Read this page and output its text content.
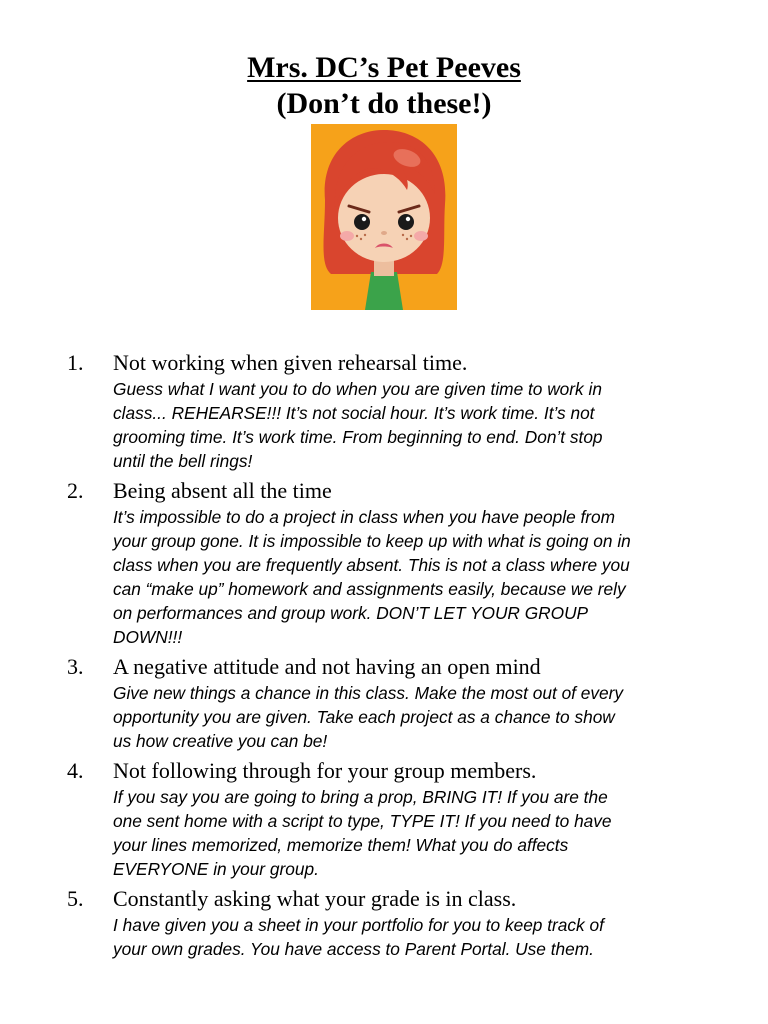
Mrs. DC’s Pet Peeves
(Don’t do these!)
1. Not working when given rehearsal time.

Guess what I want you to do when you are given time to work in
class... REHEARSE!!! It’s not social hour. It’s work time. It’s not
grooming time. It’s work time. From beginning to end. Don’t stop
until the bell rings!

2. Being absent all the time

It’s impossible to do a project in class when you have people from
your group gone. It is impossible to keep up with what is going on in
class when you are frequently absent. This is not a class where you
can “make up” homework and assignments easily, because we rely
on performances and group work. DON’T LET YOUR GROUP
DOWN!!!

3. A negative attitude and not having an open mind

Give new things a chance in this class. Make the most out of every
opportunity you are given. Take each project as a chance to show
us how creative you can be!

4. Not following through for your group members.

If you say you are going to bring a prop, BRING IT! If you are the
one sent home with a script to type, TYPE IT! If you need to have
your lines memorized, memorize them! What you do affects
EVERYONE in your group.

5. Constantly asking what your grade is in class.

I have given you a sheet in your portfolio for you to keep track of
your own grades. You have access to Parent Portal. Use them.
